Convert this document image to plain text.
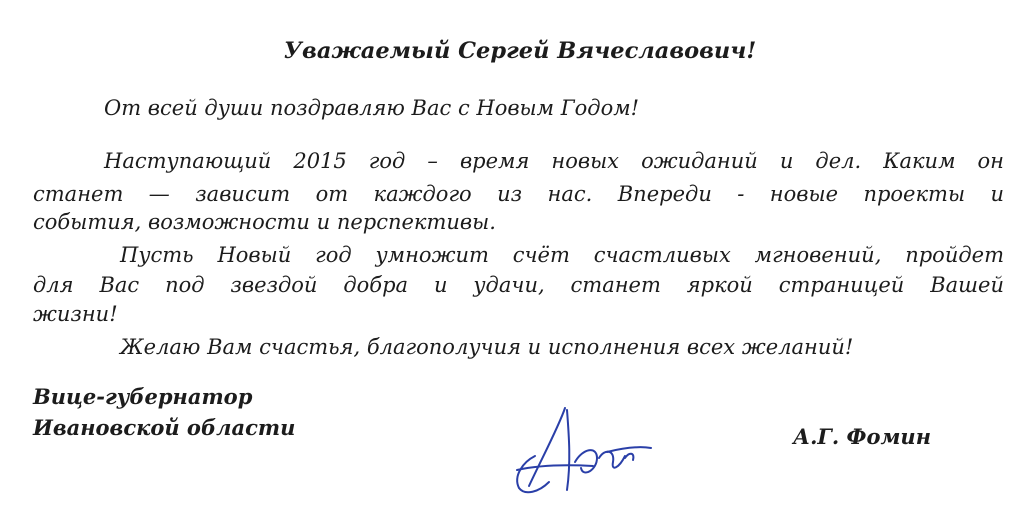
Уважаемый Сергей Вячеславович!
От всей души поздравляю Вас с Новым Годом!
Наступающий 2015 год – время новых ожиданий и дел. Каким он
станет — зависит от каждого из нас. Впереди - новые проекты и
события, возможности и перспективы.
Пусть Новый год умножит счёт счастливых мгновений, пройдет
для Вас под звездой добра и удачи, станет яркой страницей Вашей
жизни!
Желаю Вам счастья, благополучия и исполнения всех желаний!
Вице-губернатор
Ивановской области	А.Г. Фомин
